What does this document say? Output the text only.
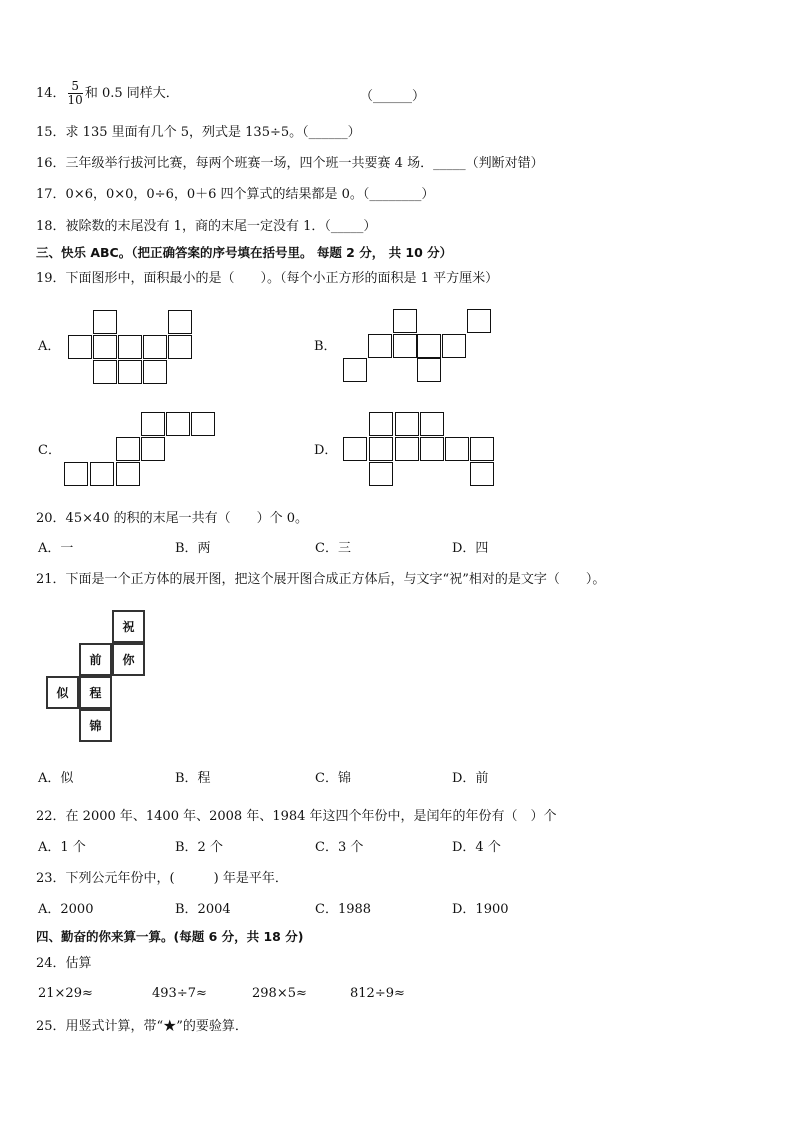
14． $\frac{5}{10}$ 和 0.5 同样大．	（______）
15．求 135 里面有几个 5，列式是 135÷5。（______）
16．三年级举行拔河比赛，每两个班赛一场，四个班一共要赛 4 场．_____（判断对错）
17．0×6，0×0，0÷6，0＋6 四个算式的结果都是 0。（________）
18．被除数的末尾没有 1，商的末尾一定没有 1．（_____）
三、快乐 ABC。（把正确答案的序号填在括号里。 每题 2 分， 共 10 分）
19．下面图形中，面积最小的是（　　）。（每个小正方形的面积是 1 平方厘米）
A．	B．
C．	D．
20．45×40 的积的末尾一共有（　　）个 0。
A．一	B．两	C．三	D．四
21．下面是一个正方体的展开图，把这个展开图合成正方体后，与文字“祝”相对的是文字（　　）。
祝
前	你
似	程
锦
A．似	B．程	C．锦	D．前
22．在 2000 年、1400 年、2008 年、1984 年这四个年份中，是闰年的年份有（　）个
A．1 个	B．2 个	C．3 个	D．4 个
23．下列公元年份中，(　　　) 年是平年．
A．2000	B．2004	C．1988	D．1900
四、勤奋的你来算一算。(每题 6 分，共 18 分)
24．估算
21×29≈	493÷7≈	298×5≈	812÷9≈
25．用竖式计算，带“★”的要验算．
